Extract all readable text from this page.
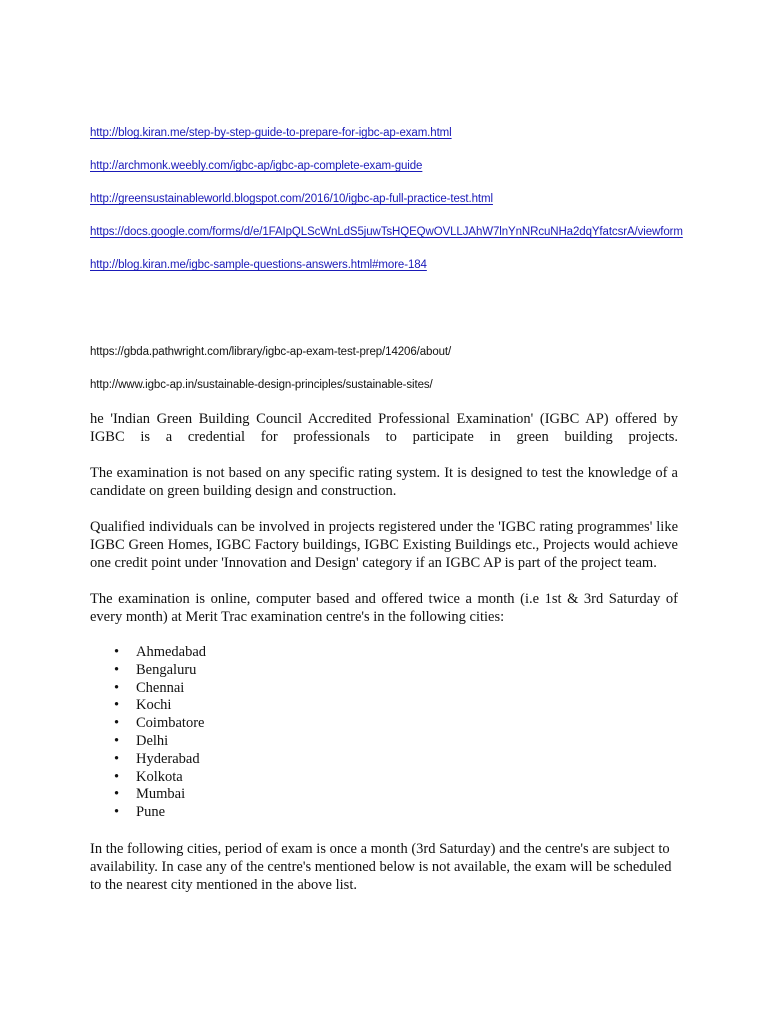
http://blog.kiran.me/step-by-step-guide-to-prepare-for-igbc-ap-exam.html
http://archmonk.weebly.com/igbc-ap/igbc-ap-complete-exam-guide
http://greensustainableworld.blogspot.com/2016/10/igbc-ap-full-practice-test.html
https://docs.google.com/forms/d/e/1FAIpQLScWnLdS5juwTsHQEQwOVLLJAhW7lnYnNRcuNHa2dqYfatcsrA/viewform
http://blog.kiran.me/igbc-sample-questions-answers.html#more-184
https://gbda.pathwright.com/library/igbc-ap-exam-test-prep/14206/about/
http://www.igbc-ap.in/sustainable-design-principles/sustainable-sites/

he 'Indian Green Building Council Accredited Professional Examination' (IGBC AP) offered by IGBC is a credential for professionals to participate in green building projects.

The examination is not based on any specific rating system. It is designed to test the knowledge of a candidate on green building design and construction.

Qualified individuals can be involved in projects registered under the 'IGBC rating programmes' like IGBC Green Homes, IGBC Factory buildings, IGBC Existing Buildings etc., Projects would achieve one credit point under 'Innovation and Design' category if an IGBC AP is part of the project team.

The examination is online, computer based and offered twice a month (i.e 1st & 3rd Saturday of every month) at Merit Trac examination centre's in the following cities:

• Ahmedabad
• Bengaluru
• Chennai
• Kochi
• Coimbatore
• Delhi
• Hyderabad
• Kolkota
• Mumbai
• Pune

In the following cities, period of exam is once a month (3rd Saturday) and the centre's are subject to availability. In case any of the centre's mentioned below is not available, the exam will be scheduled to the nearest city mentioned in the above list.
